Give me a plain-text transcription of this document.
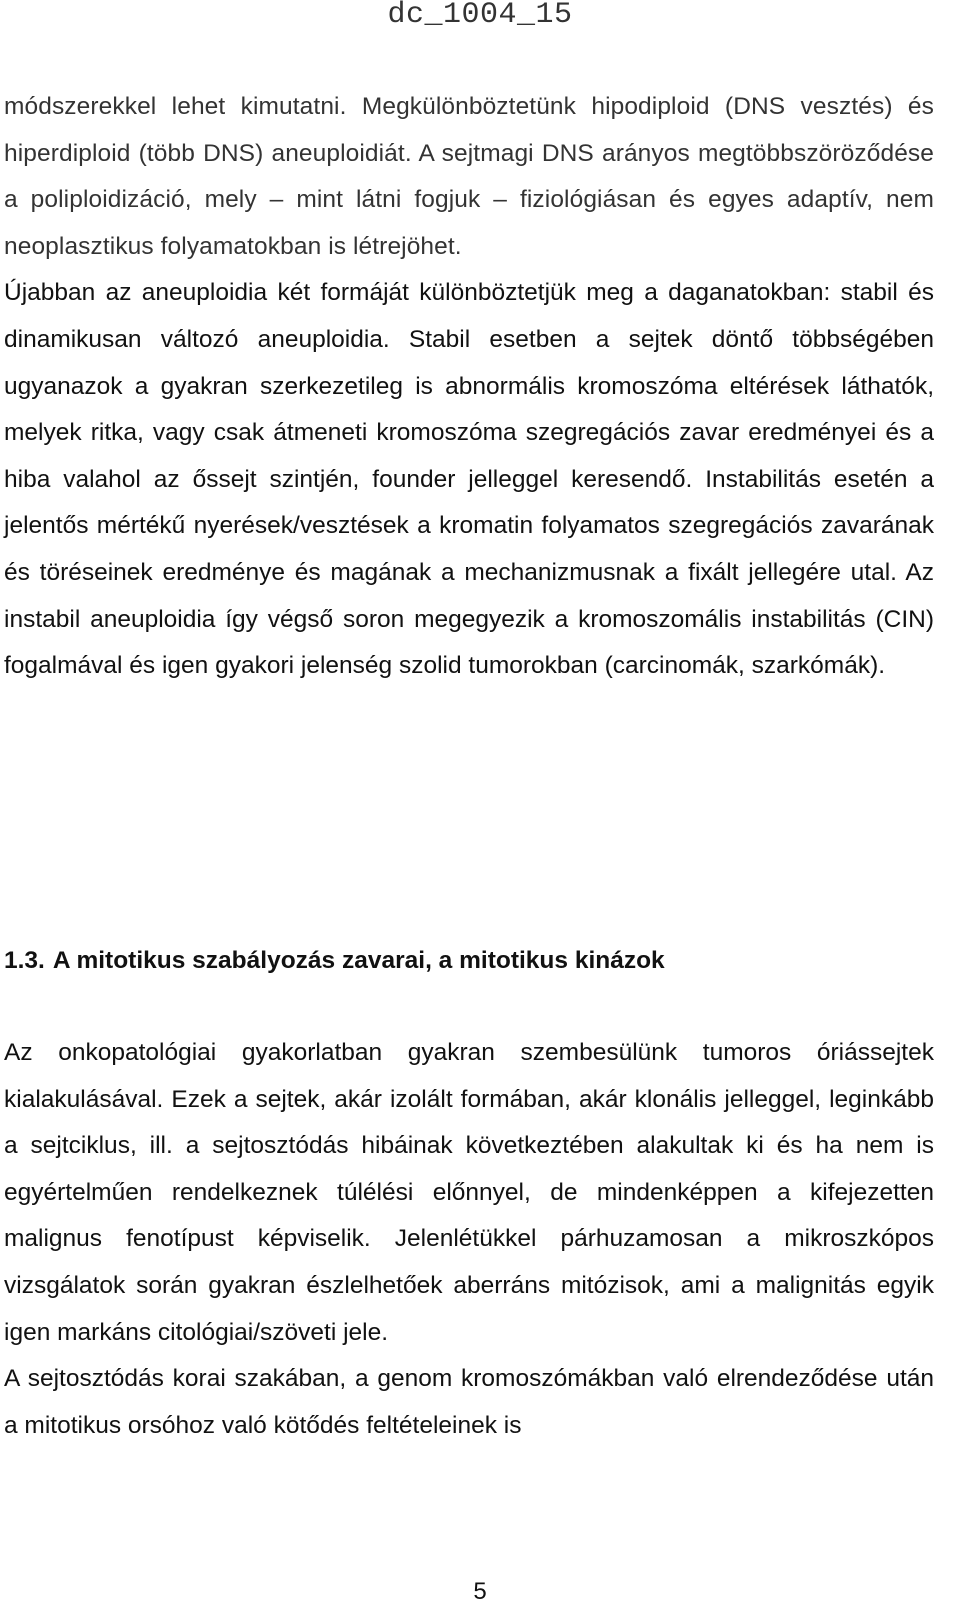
dc_1004_15

módszerekkel lehet kimutatni. Megkülönböztetünk hipodiploid (DNS vesztés) és hiperdiploid (több DNS) aneuploidiát. A sejtmagi DNS arányos megtöbbszöröződése a poliploidizáció, mely – mint látni fogjuk – fiziológiásan és egyes adaptív, nem neoplasztikus folyamatokban is létrejöhet.

Újabban az aneuploidia két formáját különböztetjük meg a daganatokban: stabil és dinamikusan változó aneuploidia. Stabil esetben a sejtek döntő többségében ugyanazok a gyakran szerkezetileg is abnormális kromoszóma eltérések láthatók, melyek ritka, vagy csak átmeneti kromoszóma szegregációs zavar eredményei és a hiba valahol az őssejt szintjén, founder jelleggel keresendő. Instabilitás esetén a jelentős mértékű nyerések/vesztések a kromatin folyamatos szegregációs zavarának és töréseinek eredménye és magának a mechanizmusnak a fixált jellegére utal. Az instabil aneuploidia így végső soron megegyezik a kromoszomális instabilitás (CIN) fogalmával és igen gyakori jelenség szolid tumorokban (carcinomák, szarkómák).

1.3. A mitotikus szabályozás zavarai, a mitotikus kinázok

Az onkopatológiai gyakorlatban gyakran szembesülünk tumoros óriássejtek kialakulásával. Ezek a sejtek, akár izolált formában, akár klonális jelleggel, leginkább a sejtciklus, ill. a sejtosztódás hibáinak következtében alakultak ki és ha nem is egyértelműen rendelkeznek túlélési előnnyel, de mindenképpen a kifejezetten malignus fenotípust képviselik. Jelenlétükkel párhuzamosan a mikroszkópos vizsgálatok során gyakran észlelhetőek aberráns mitózisok, ami a malignitás egyik igen markáns citológiai/szöveti jele.

A sejtosztódás korai szakában, a genom kromoszómákban való elrendeződése után a mitotikus orsóhoz való kötődés feltételeinek is

5
